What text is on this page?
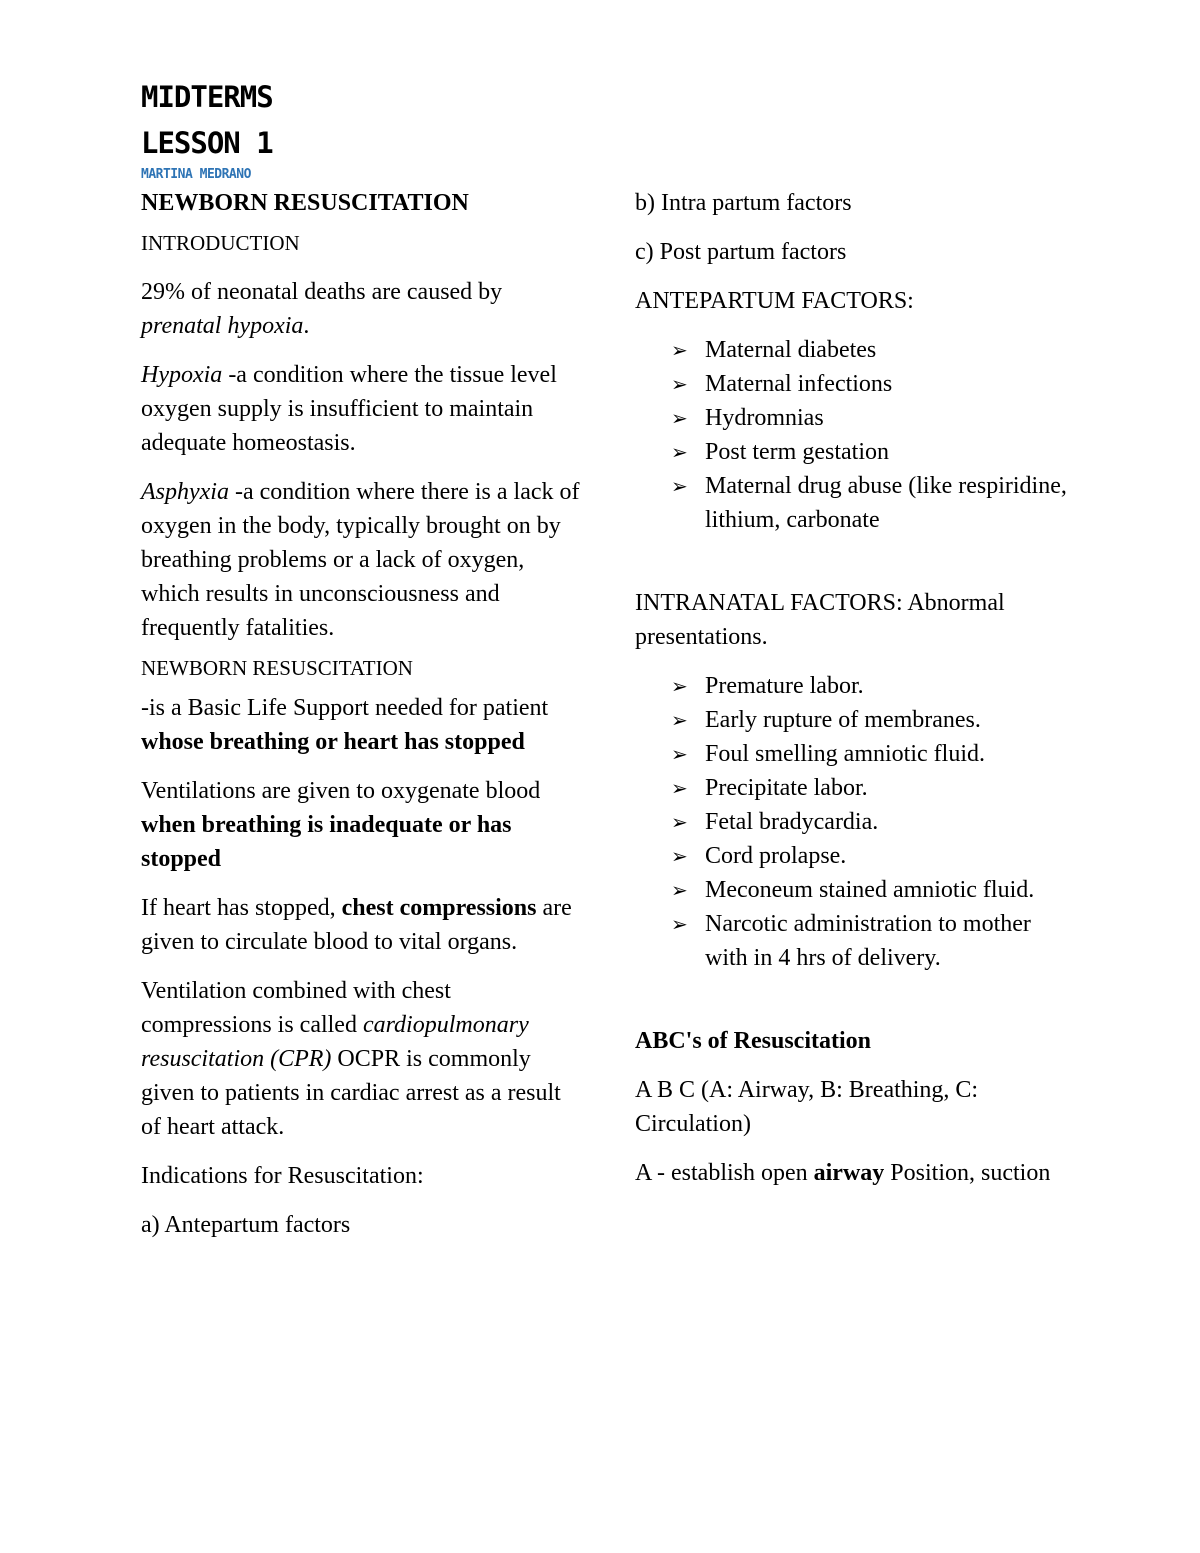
MIDTERMS
LESSON 1
MARTINA MEDRANO

NEWBORN RESUSCITATION

INTRODUCTION

29% of neonatal deaths are caused by prenatal hypoxia.

Hypoxia -a condition where the tissue level oxygen supply is insufficient to maintain adequate homeostasis.

Asphyxia -a condition where there is a lack of oxygen in the body, typically brought on by breathing problems or a lack of oxygen, which results in unconsciousness and frequently fatalities.

NEWBORN RESUSCITATION

-is a Basic Life Support needed for patient whose breathing or heart has stopped

Ventilations are given to oxygenate blood when breathing is inadequate or has stopped

If heart has stopped, chest compressions are given to circulate blood to vital organs.

Ventilation combined with chest compressions is called cardiopulmonary resuscitation (CPR) OCPR is commonly given to patients in cardiac arrest as a result of heart attack.

Indications for Resuscitation:

a) Antepartum factors

b) Intra partum factors

c) Post partum factors

ANTEPARTUM FACTORS:

➢ Maternal diabetes
➢ Maternal infections
➢ Hydromnias
➢ Post term gestation
➢ Maternal drug abuse (like respiridine, lithium, carbonate

INTRANATAL FACTORS: Abnormal presentations.

➢ Premature labor.
➢ Early rupture of membranes.
➢ Foul smelling amniotic fluid.
➢ Precipitate labor.
➢ Fetal bradycardia.
➢ Cord prolapse.
➢ Meconeum stained amniotic fluid.
➢ Narcotic administration to mother with in 4 hrs of delivery.

ABC's of Resuscitation

A B C (A: Airway, B: Breathing, C: Circulation)

A - establish open airway Position, suction
